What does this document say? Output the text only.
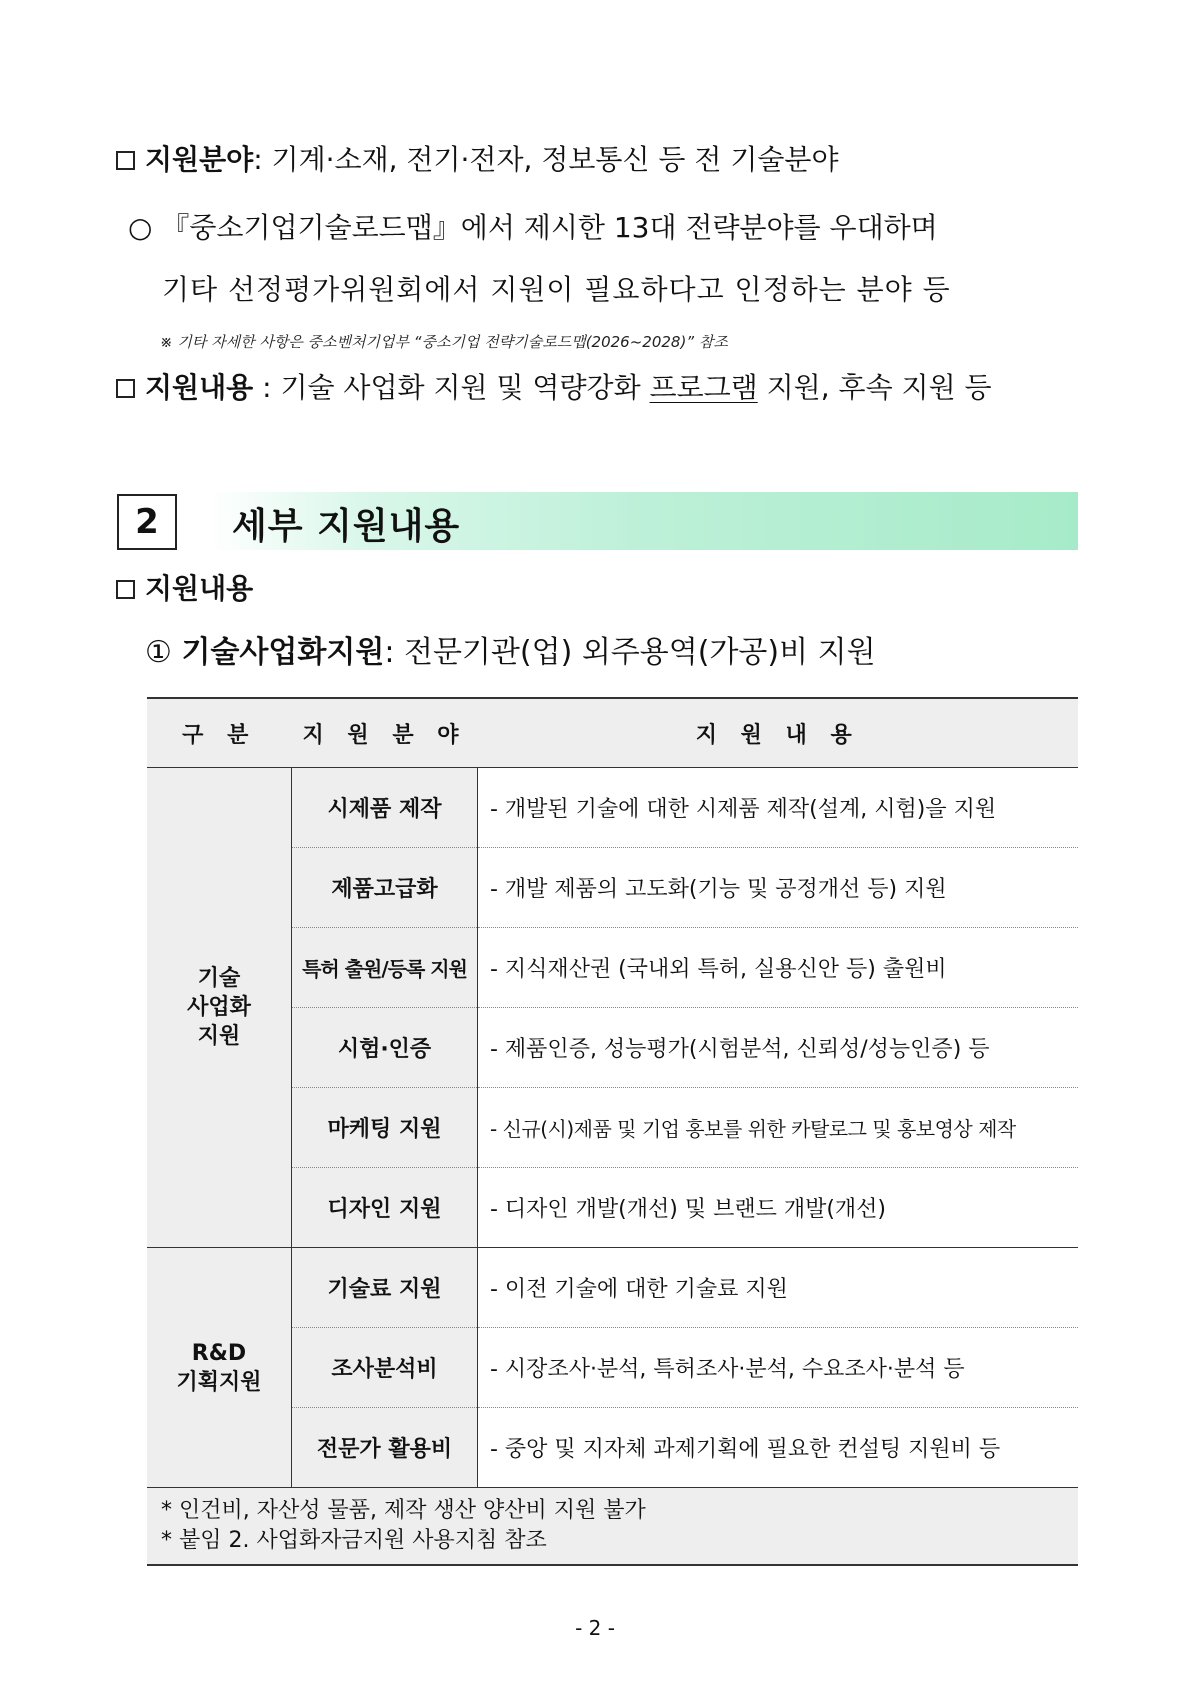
지원분야: 기계·소재, 전기·전자, 정보통신 등 전 기술분야
○ 『중소기업기술로드맵』에서 제시한 13대 전략분야를 우대하며
기타 선정평가위원회에서 지원이 필요하다고 인정하는 분야 등
※ 기타 자세한 사항은 중소벤처기업부 “중소기업 전략기술로드맵(2026~2028)” 참조
지원내용 : 기술 사업화 지원 및 역량강화 프로그램 지원, 후속 지원 등
2	세부 지원내용
지원내용
① 기술사업화지원: 전문기관(업) 외주용역(가공)비 지원
구 분	지 원 분 야	지 원 내 용
기술
사업화
지원	시제품 제작	- 개발된 기술에 대한 시제품 제작(설계, 시험)을 지원
	제품고급화	- 개발 제품의 고도화(기능 및 공정개선 등) 지원
	특허 출원/등록 지원	- 지식재산권 (국내외 특허, 실용신안 등) 출원비
	시험·인증	- 제품인증, 성능평가(시험분석, 신뢰성/성능인증) 등
	마케팅 지원	- 신규(시)제품 및 기업 홍보를 위한 카탈로그 및 홍보영상 제작
	디자인 지원	- 디자인 개발(개선) 및 브랜드 개발(개선)
R&D
기획지원	기술료 지원	- 이전 기술에 대한 기술료 지원
	조사분석비	- 시장조사·분석, 특허조사·분석, 수요조사·분석 등
	전문가 활용비	- 중앙 및 지자체 과제기획에 필요한 컨설팅 지원비 등

* 인건비, 자산성 물품, 제작 생산 양산비 지원 불가
* 붙임 2. 사업화자금지원 사용지침 참조		
- 2 -
